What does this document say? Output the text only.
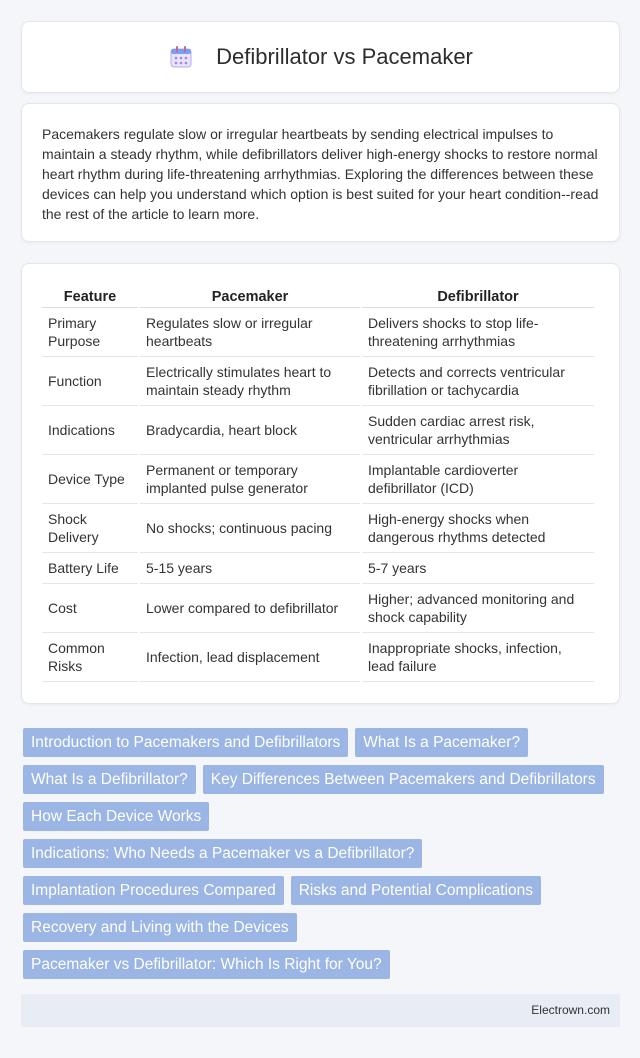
Defibrillator vs Pacemaker

Pacemakers regulate slow or irregular heartbeats by sending electrical impulses to maintain a steady rhythm, while defibrillators deliver high-energy shocks to restore normal heart rhythm during life-threatening arrhythmias. Exploring the differences between these devices can help you understand which option is best suited for your heart condition--read the rest of the article to learn more.

Feature	Pacemaker	Defibrillator
Primary Purpose	Regulates slow or irregular heartbeats	Delivers shocks to stop life-threatening arrhythmias
Function	Electrically stimulates heart to maintain steady rhythm	Detects and corrects ventricular fibrillation or tachycardia
Indications	Bradycardia, heart block	Sudden cardiac arrest risk, ventricular arrhythmias
Device Type	Permanent or temporary implanted pulse generator	Implantable cardioverter defibrillator (ICD)
Shock Delivery	No shocks; continuous pacing	High-energy shocks when dangerous rhythms detected
Battery Life	5-15 years	5-7 years
Cost	Lower compared to defibrillator	Higher; advanced monitoring and shock capability
Common Risks	Infection, lead displacement	Inappropriate shocks, infection, lead failure
Introduction to Pacemakers and Defibrillators	What Is a Pacemaker?
What Is a Defibrillator?	Key Differences Between Pacemakers and Defibrillators
How Each Device Works
Indications: Who Needs a Pacemaker vs a Defibrillator?
Implantation Procedures Compared	Risks and Potential Complications
Recovery and Living with the Devices
Pacemaker vs Defibrillator: Which Is Right for You?
Electrown.com
